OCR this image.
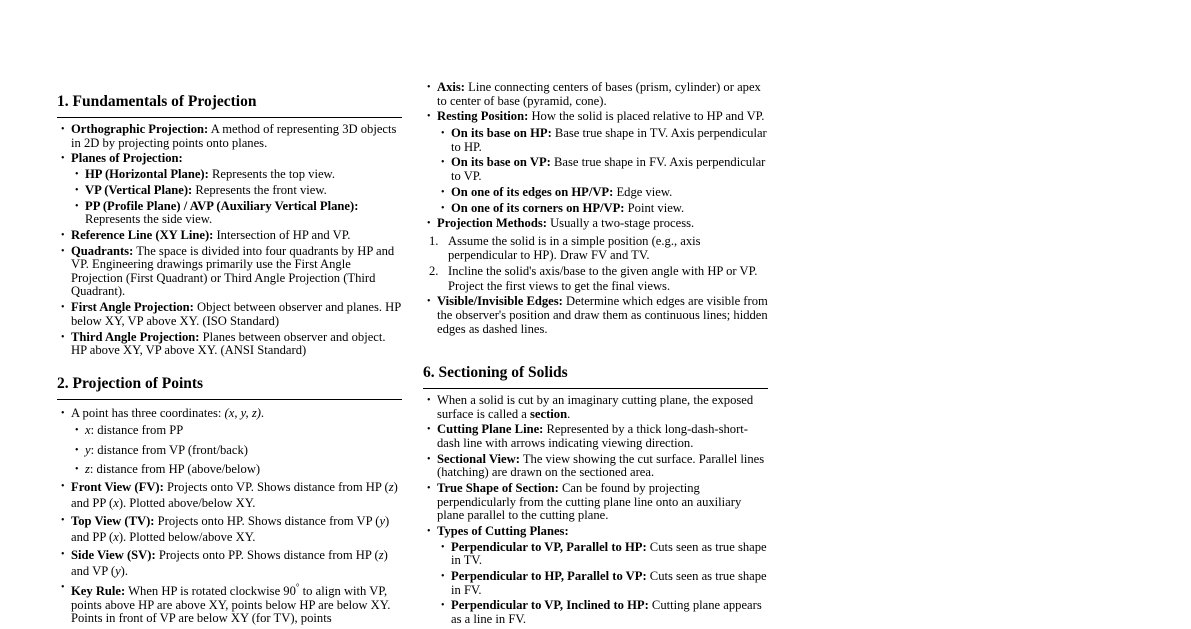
1. Fundamentals of Projection
• Orthographic Projection: A method of representing 3D objects in 2D by projecting points onto planes.
• Planes of Projection:
• HP (Horizontal Plane): Represents the top view.
• VP (Vertical Plane): Represents the front view.
• PP (Profile Plane) / AVP (Auxiliary Vertical Plane): Represents the side view.
• Reference Line (XY Line): Intersection of HP and VP.
• Quadrants: The space is divided into four quadrants by HP and VP. Engineering drawings primarily use the First Angle Projection (First Quadrant) or Third Angle Projection (Third Quadrant).
• First Angle Projection: Object between observer and planes. HP below XY, VP above XY. (ISO Standard)
• Third Angle Projection: Planes between observer and object. HP above XY, VP above XY. (ANSI Standard)
2. Projection of Points
• A point has three coordinates: (x, y, z).
• x: distance from PP
• y: distance from VP (front/back)
• z: distance from HP (above/below)
• Front View (FV): Projects onto VP. Shows distance from HP (z) and PP (x). Plotted above/below XY.
• Top View (TV): Projects onto HP. Shows distance from VP (y) and PP (x). Plotted below/above XY.
• Side View (SV): Projects onto PP. Shows distance from HP (z) and VP (y).
• Key Rule: When HP is rotated clockwise 90° to align with VP, points above HP are above XY, points below HP are below XY. Points in front of VP are below XY (for TV), points
• Axis: Line connecting centers of bases (prism, cylinder) or apex to center of base (pyramid, cone).
• Resting Position: How the solid is placed relative to HP and VP.
• On its base on HP: Base true shape in TV. Axis perpendicular to HP.
• On its base on VP: Base true shape in FV. Axis perpendicular to VP.
• On one of its edges on HP/VP: Edge view.
• On one of its corners on HP/VP: Point view.
• Projection Methods: Usually a two-stage process.
1. Assume the solid is in a simple position (e.g., axis perpendicular to HP). Draw FV and TV.
2. Incline the solid's axis/base to the given angle with HP or VP. Project the first views to get the final views.
• Visible/Invisible Edges: Determine which edges are visible from the observer's position and draw them as continuous lines; hidden edges as dashed lines.
6. Sectioning of Solids
• When a solid is cut by an imaginary cutting plane, the exposed surface is called a section.
• Cutting Plane Line: Represented by a thick long-dash-short-dash line with arrows indicating viewing direction.
• Sectional View: The view showing the cut surface. Parallel lines (hatching) are drawn on the sectioned area.
• True Shape of Section: Can be found by projecting perpendicularly from the cutting plane line onto an auxiliary plane parallel to the cutting plane.
• Types of Cutting Planes:
• Perpendicular to VP, Parallel to HP: Cuts seen as true shape in TV.
• Perpendicular to HP, Parallel to VP: Cuts seen as true shape in FV.
• Perpendicular to VP, Inclined to HP: Cutting plane appears as a line in FV.
